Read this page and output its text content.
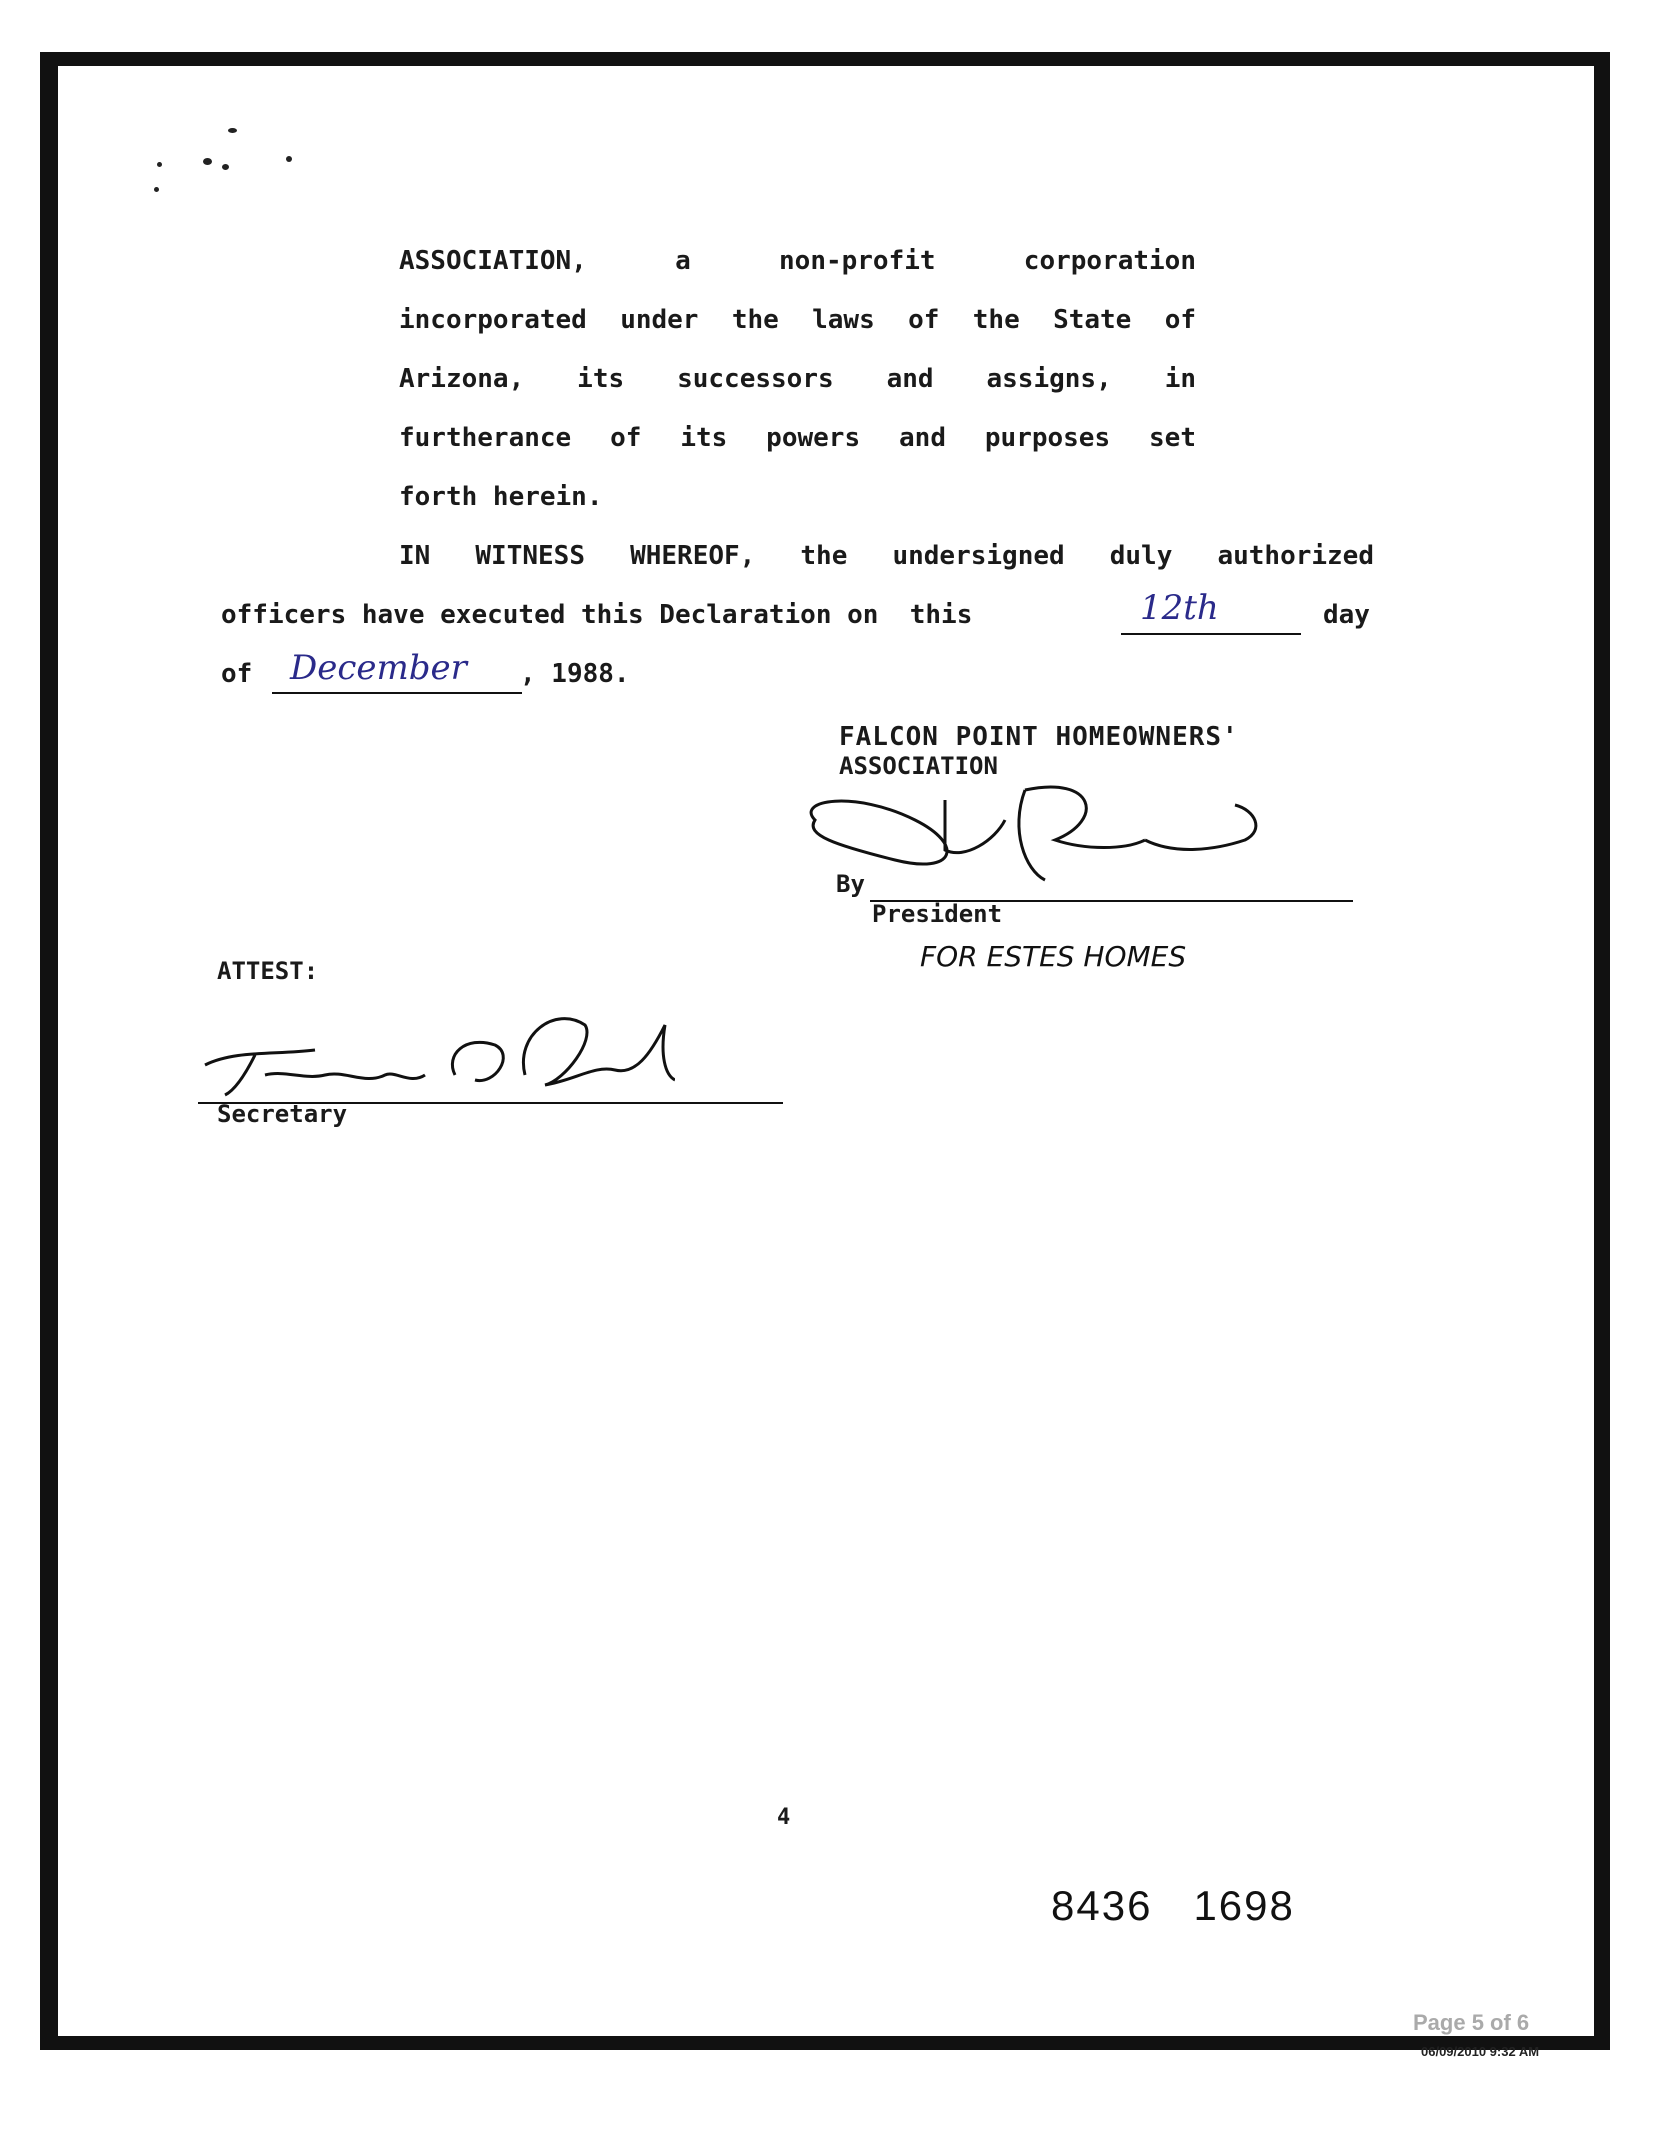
ASSOCIATION, a non-profit corporation
incorporated under the laws of the State of
Arizona, its successors and assigns, in
furtherance of its powers and purposes set
forth herein.
IN WITNESS WHEREOF, the undersigned duly authorized
officers have executed this Declaration on  this	12th	day
of December , 1988.
FALCON POINT HOMEOWNERS'
ASSOCIATION
By
President
FOR ESTES HOMES
ATTEST:
Secretary
4
8436   1698
Page 5 of 6
06/09/2010 9:32 AM
